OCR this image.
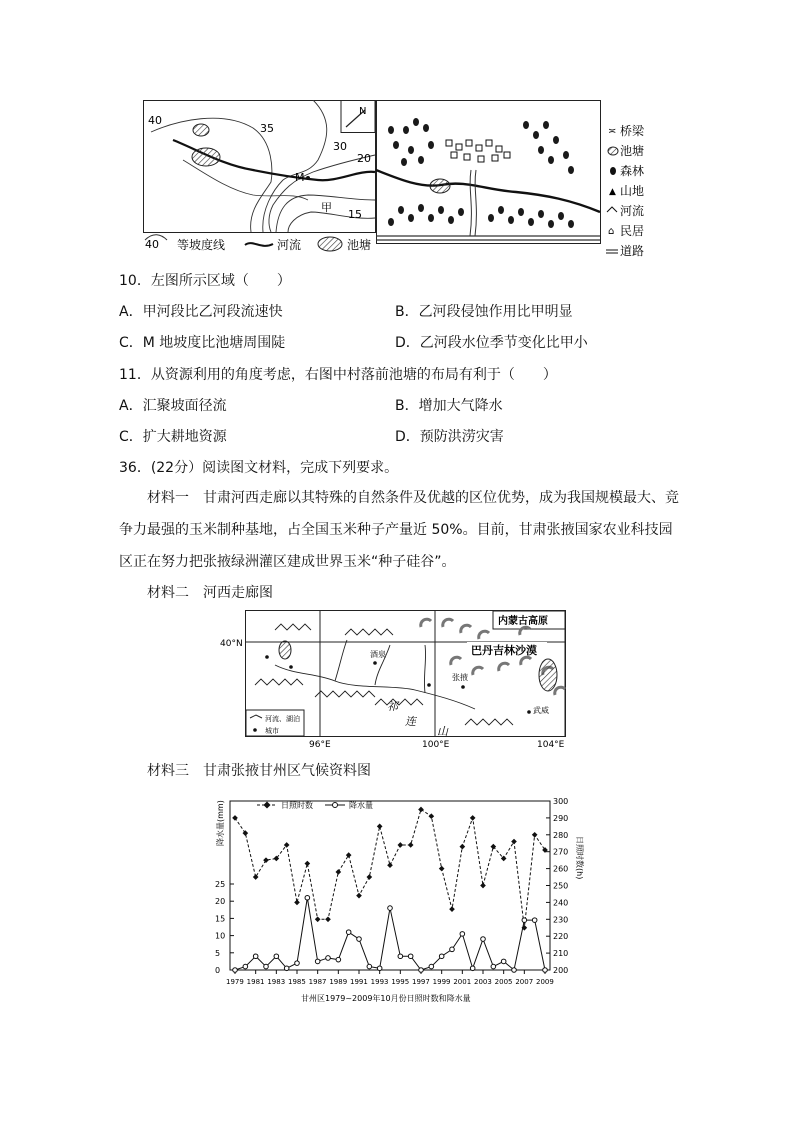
N
40
35
30
20
15
M
甲
40 等坡度线	河流	池塘
桥梁
≍
池塘
森林
山地
▲
河流
民居
⌂
道路
10．左图所示区域（　　）
A．甲河段比乙河段流速快	B．乙河段侵蚀作用比甲明显
C．M 地坡度比池塘周围陡	D．乙河段水位季节变化比甲小
11．从资源利用的角度考虑，右图中村落前池塘的布局有利于（　　）
A．汇聚坡面径流	B．增加大气降水
C．扩大耕地资源	D．预防洪涝灾害
36．(22分）阅读图文材料，完成下列要求。
材料一　甘肃河西走廊以其特殊的自然条件及优越的区位优势，成为我国规模最大、竞争力最强的玉米制种基地，占全国玉米种子产量近 50%。目前，甘肃张掖国家农业科技园区正在努力把张掖绿洲灌区建成世界玉米“种子硅谷”。
材料二　河西走廊图
40°N
96°E	100°E	104°E
内蒙古高原
巴丹吉林沙漠
酒泉
张掖
武威
祁
连
山
河流、湖泊
城市
材料三　甘肃张掖甘州区气候资料图
降水量(mm)
日照时数(h)
日照时数	降水量
甘州区1979~2009年10月份日照时数和降水量
0
5
10
15
20
25
200
210
220
230
240
250
260
270
280
290
300
1979 1981 1983 1985 1987 1989 1991 1993 1995 1997 1999 2001 2003 2005 2007 2009
